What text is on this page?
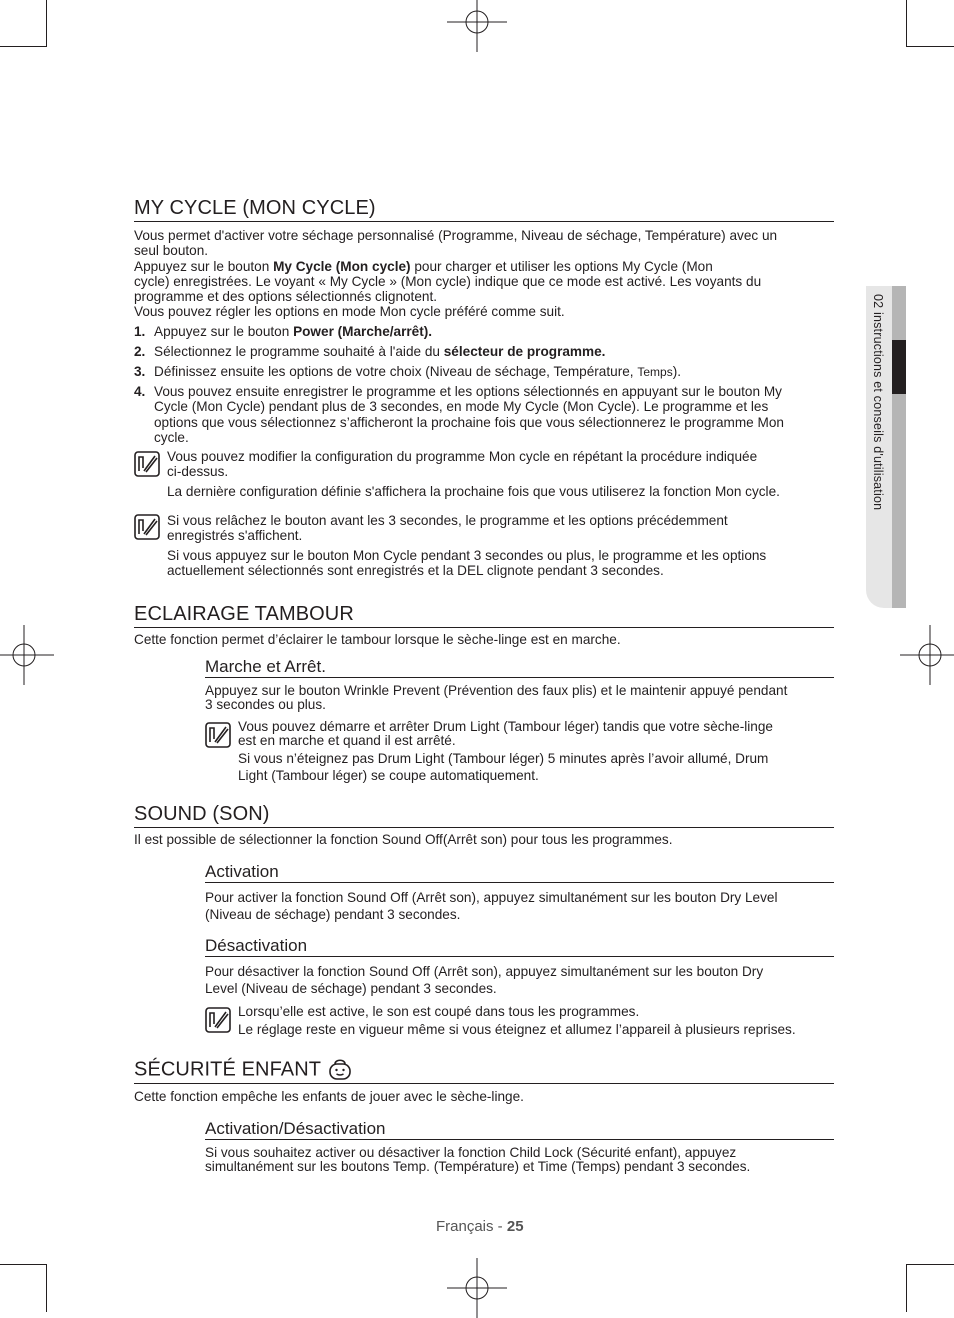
02 instructions et conseils d'utilisation
MY CYCLE (MON CYCLE)
Vous permet d'activer votre séchage personnalisé (Programme, Niveau de séchage, Température) avec un
seul bouton.
Appuyez sur le bouton My Cycle (Mon cycle) pour charger et utiliser les options My Cycle (Mon
cycle) enregistrées. Le voyant « My Cycle » (Mon cycle) indique que ce mode est activé. Les voyants du
programme et des options sélectionnés clignotent.
Vous pouvez régler les options en mode Mon cycle préféré comme suit.
1. Appuyez sur le bouton Power (Marche/arrêt).
2. Sélectionnez le programme souhaité à l'aide du sélecteur de programme.
3. Définissez ensuite les options de votre choix (Niveau de séchage, Température, Temps).
4. Vous pouvez ensuite enregistrer le programme et les options sélectionnés en appuyant sur le bouton My
Cycle (Mon Cycle) pendant plus de 3 secondes, en mode My Cycle (Mon Cycle). Le programme et les
options que vous sélectionnez s’afficheront la prochaine fois que vous sélectionnerez le programme Mon
cycle.
Vous pouvez modifier la configuration du programme Mon cycle en répétant la procédure indiquée
ci-dessus.
La dernière configuration définie s'affichera la prochaine fois que vous utiliserez la fonction Mon cycle.
Si vous relâchez le bouton avant les 3 secondes, le programme et les options précédemment
enregistrés s'affichent.
Si vous appuyez sur le bouton Mon Cycle pendant 3 secondes ou plus, le programme et les options
actuellement sélectionnés sont enregistrés et la DEL clignote pendant 3 secondes.
ECLAIRAGE TAMBOUR
Cette fonction permet d’éclairer le tambour lorsque le sèche-linge est en marche.
Marche et Arrêt.
Appuyez sur le bouton Wrinkle Prevent (Prévention des faux plis) et le maintenir appuyé pendant
3 secondes ou plus.
Vous pouvez démarre et arrêter Drum Light (Tambour léger) tandis que votre sèche-linge
est en marche et quand il est arrêté.
Si vous n’éteignez pas Drum Light (Tambour léger) 5 minutes après l’avoir allumé, Drum
Light (Tambour léger) se coupe automatiquement.
SOUND (SON)
Il est possible de sélectionner la fonction Sound Off(Arrêt son) pour tous les programmes.
Activation
Pour activer la fonction Sound Off (Arrêt son), appuyez simultanément sur les bouton Dry Level
(Niveau de séchage) pendant 3 secondes.
Désactivation
Pour désactiver la fonction Sound Off (Arrêt son), appuyez simultanément sur les bouton Dry
Level (Niveau de séchage) pendant 3 secondes.
Lorsqu’elle est active, le son est coupé dans tous les programmes.
Le réglage reste en vigueur même si vous éteignez et allumez l’appareil à plusieurs reprises.
SÉCURITÉ ENFANT
Cette fonction empêche les enfants de jouer avec le sèche-linge.
Activation/Désactivation
Si vous souhaitez activer ou désactiver la fonction Child Lock (Sécurité enfant), appuyez
simultanément sur les boutons Temp. (Température) et Time (Temps) pendant 3 secondes.
Français - 25
